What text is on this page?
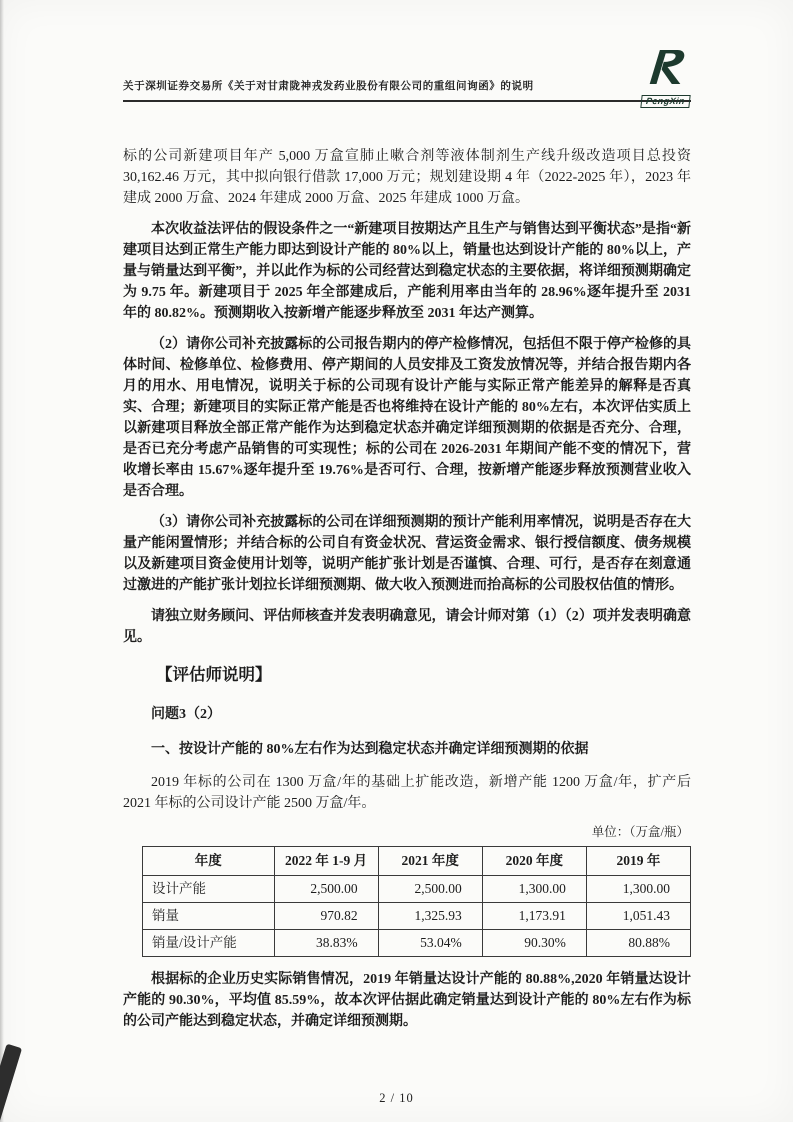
关于深圳证券交易所《关于对甘肃陇神戎发药业股份有限公司的重组问询函》的说明
PengXin

标的公司新建项目年产 5,000 万盒宣肺止嗽合剂等液体制剂生产线升级改造项目总投资 30,162.46 万元，其中拟向银行借款 17,000 万元；规划建设期 4 年（2022-2025 年），2023 年建成 2000 万盒、2024 年建成 2000 万盒、2025 年建成 1000 万盒。

本次收益法评估的假设条件之一“新建项目按期达产且生产与销售达到平衡状态”是指“新建项目达到正常生产能力即达到设计产能的 80%以上，销量也达到设计产能的 80%以上，产量与销量达到平衡”，并以此作为标的公司经营达到稳定状态的主要依据，将详细预测期确定为 9.75 年。新建项目于 2025 年全部建成后，产能利用率由当年的 28.96%逐年提升至 2031 年的 80.82%。预测期收入按新增产能逐步释放至 2031 年达产测算。

（2）请你公司补充披露标的公司报告期内的停产检修情况，包括但不限于停产检修的具体时间、检修单位、检修费用、停产期间的人员安排及工资发放情况等，并结合报告期内各月的用水、用电情况，说明关于标的公司现有设计产能与实际正常产能差异的解释是否真实、合理；新建项目的实际正常产能是否也将维持在设计产能的 80%左右，本次评估实质上以新建项目释放全部正常产能作为达到稳定状态并确定详细预测期的依据是否充分、合理，是否已充分考虑产品销售的可实现性；标的公司在 2026-2031 年期间产能不变的情况下，营收增长率由 15.67%逐年提升至 19.76%是否可行、合理，按新增产能逐步释放预测营业收入是否合理。

（3）请你公司补充披露标的公司在详细预测期的预计产能利用率情况，说明是否存在大量产能闲置情形；并结合标的公司自有资金状况、营运资金需求、银行授信额度、债务规模以及新建项目资金使用计划等，说明产能扩张计划是否谨慎、合理、可行，是否存在刻意通过激进的产能扩张计划拉长详细预测期、做大收入预测进而抬高标的公司股权估值的情形。

请独立财务顾问、评估师核查并发表明确意见，请会计师对第（1）（2）项并发表明确意见。

【评估师说明】
问题3（2）
一、按设计产能的 80%左右作为达到稳定状态并确定详细预测期的依据

2019 年标的公司在 1300 万盒/年的基础上扩能改造，新增产能 1200 万盒/年，扩产后 2021 年标的公司设计产能 2500 万盒/年。

单位：（万盒/瓶）
年度	2022 年 1-9 月	2021 年度	2020 年度	2019 年
设计产能	2,500.00	2,500.00	1,300.00	1,300.00
销量	970.82	1,325.93	1,173.91	1,051.43
销量/设计产能	38.83%	53.04%	90.30%	80.88%

根据标的企业历史实际销售情况，2019 年销量达设计产能的 80.88%,2020 年销量达设计产能的 90.30%，平均值 85.59%，故本次评估据此确定销量达到设计产能的 80%左右作为标的公司产能达到稳定状态，并确定详细预测期。

2 / 10
